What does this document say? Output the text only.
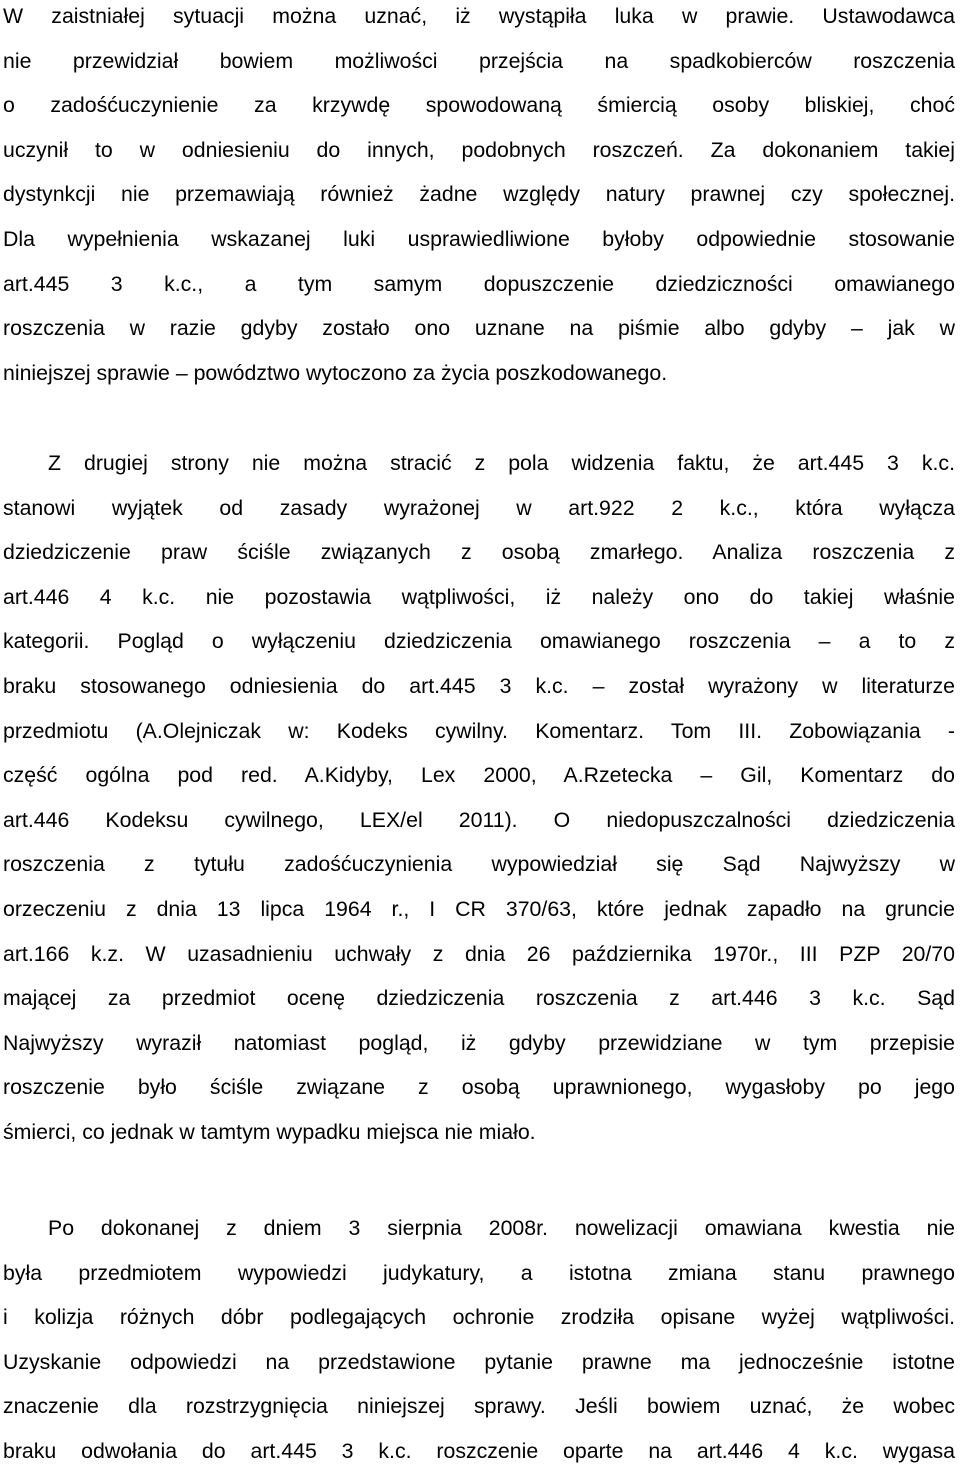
W zaistniałej sytuacji można uznać, iż wystąpiła luka w prawie. Ustawodawca
nie przewidział bowiem możliwości przejścia na spadkobierców roszczenia
o zadośćuczynienie za krzywdę spowodowaną śmiercią osoby bliskiej, choć
uczynił to w odniesieniu do innych, podobnych roszczeń. Za dokonaniem takiej
dystynkcji nie przemawiają również żadne względy natury prawnej czy społecznej.
Dla wypełnienia wskazanej luki usprawiedliwione byłoby odpowiednie stosowanie
art.445 3 k.c., a tym samym dopuszczenie dziedziczności omawianego
roszczenia w razie gdyby zostało ono uznane na piśmie albo gdyby – jak w
niniejszej sprawie – powództwo wytoczono za życia poszkodowanego.
Z drugiej strony nie można stracić z pola widzenia faktu, że art.445 3 k.c.
stanowi wyjątek od zasady wyrażonej w art.922 2 k.c., która wyłącza
dziedziczenie praw ściśle związanych z osobą zmarłego. Analiza roszczenia z
art.446 4 k.c. nie pozostawia wątpliwości, iż należy ono do takiej właśnie
kategorii. Pogląd o wyłączeniu dziedziczenia omawianego roszczenia – a to z
braku stosowanego odniesienia do art.445 3 k.c. – został wyrażony w literaturze
przedmiotu (A.Olejniczak w: Kodeks cywilny. Komentarz. Tom III. Zobowiązania -
część ogólna pod red. A.Kidyby, Lex 2000, A.Rzetecka – Gil, Komentarz do
art.446 Kodeksu cywilnego, LEX/el 2011). O niedopuszczalności dziedziczenia
roszczenia z tytułu zadośćuczynienia wypowiedział się Sąd Najwyższy w
orzeczeniu z dnia 13 lipca 1964 r., I CR 370/63, które jednak zapadło na gruncie
art.166 k.z. W uzasadnieniu uchwały z dnia 26 października 1970r., III PZP 20/70
mającej za przedmiot ocenę dziedziczenia roszczenia z art.446 3 k.c. Sąd
Najwyższy wyraził natomiast pogląd, iż gdyby przewidziane w tym przepisie
roszczenie było ściśle związane z osobą uprawnionego, wygasłoby po jego
śmierci, co jednak w tamtym wypadku miejsca nie miało.
Po dokonanej z dniem 3 sierpnia 2008r. nowelizacji omawiana kwestia nie
była przedmiotem wypowiedzi judykatury, a istotna zmiana stanu prawnego
i kolizja różnych dóbr podlegających ochronie zrodziła opisane wyżej wątpliwości.
Uzyskanie odpowiedzi na przedstawione pytanie prawne ma jednocześnie istotne
znaczenie dla rozstrzygnięcia niniejszej sprawy. Jeśli bowiem uznać, że wobec
braku odwołania do art.445 3 k.c. roszczenie oparte na art.446 4 k.c. wygasa
